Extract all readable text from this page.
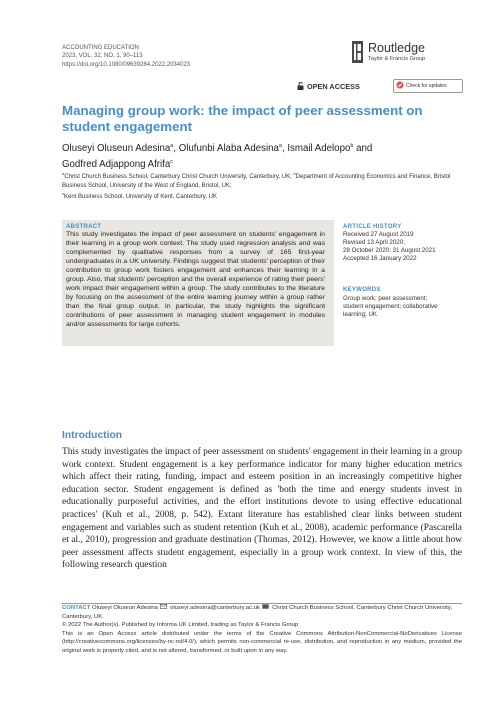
ACCOUNTING EDUCATION
2023, VOL. 32, NO. 1, 90–113
https://doi.org/10.1080/09639284.2022.2034023
Routledge
Taylor & Francis Group
OPEN ACCESS	Check for updates
Managing group work: the impact of peer assessment on student engagement
Oluseyi Oluseun Adesina$^a$, Olufunbi Alaba Adesina$^a$, Ismail Adelopo$^b$ and
Godfred Adjappong Afrifa$^c$
$^a$Christ Church Business School, Canterbury Christ Church University, Canterbury, UK; $^b$Department of Accounting Economics and Finance, Bristol Business School, University of the West of England, Bristol, UK;
$^c$Kent Business School, University of Kent, Canterbury, UK
ABSTRACT
This study investigates the impact of peer assessment on students' engagement in their learning in a group work context. The study used regression analysis and was complemented by qualitative responses from a survey of 165 first-year undergraduates in a UK university. Findings suggest that students' perception of their contribution to group work fosters engagement and enhances their learning in a group. Also, that students' perception and the overall experience of rating their peers' work impact their engagement within a group. The study contributes to the literature by focusing on the assessment of the entire learning journey within a group rather than the final group output. In particular, the study highlights the significant contributions of peer assessment in managing student engagement in modules and/or assessments for large cohorts.
ARTICLE HISTORY
Received 27 August 2019
Revised 13 April 2020;
28 October 2020; 31 August 2021
Accepted 16 January 2022
KEYWORDS
Group work; peer assessment; student engagement; collaborative learning; UK
Introduction

This study investigates the impact of peer assessment on students' engagement in their learning in a group work context. Student engagement is a key performance indicator for many higher education metrics which affect their rating, funding, impact and esteem position in an increasingly competitive higher education sector. Student engagement is defined as 'both the time and energy students invest in educationally purposeful activities, and the effort institutions devote to using effective educational practices' (Kuh et al., 2008, p. 542). Extant literature has established clear links between student engagement and variables such as student retention (Kuh et al., 2008), academic performance (Pascarella et al., 2010), progression and graduate destination (Thomas, 2012). However, we know a little about how peer assessment affects student engagement, especially in a group work context. In view of this, the following research question

CONTACT Oluseyi Oluseun Adesina oluseyi.adesina@canterbury.ac.uk Christ Church Business School, Canterbury Christ Church University, Canterbury, UK
© 2022 The Author(s). Published by Informa UK Limited, trading as Taylor & Francis Group
This is an Open Access article distributed under the terms of the Creative Commons Attribution-NonCommercial-NoDerivatives License (http://creativecommons.org/licenses/by-nc-nd/4.0/), which permits non-commercial re-use, distribution, and reproduction in any medium, provided the original work is properly cited, and is not altered, transformed, or built upon in any way.
